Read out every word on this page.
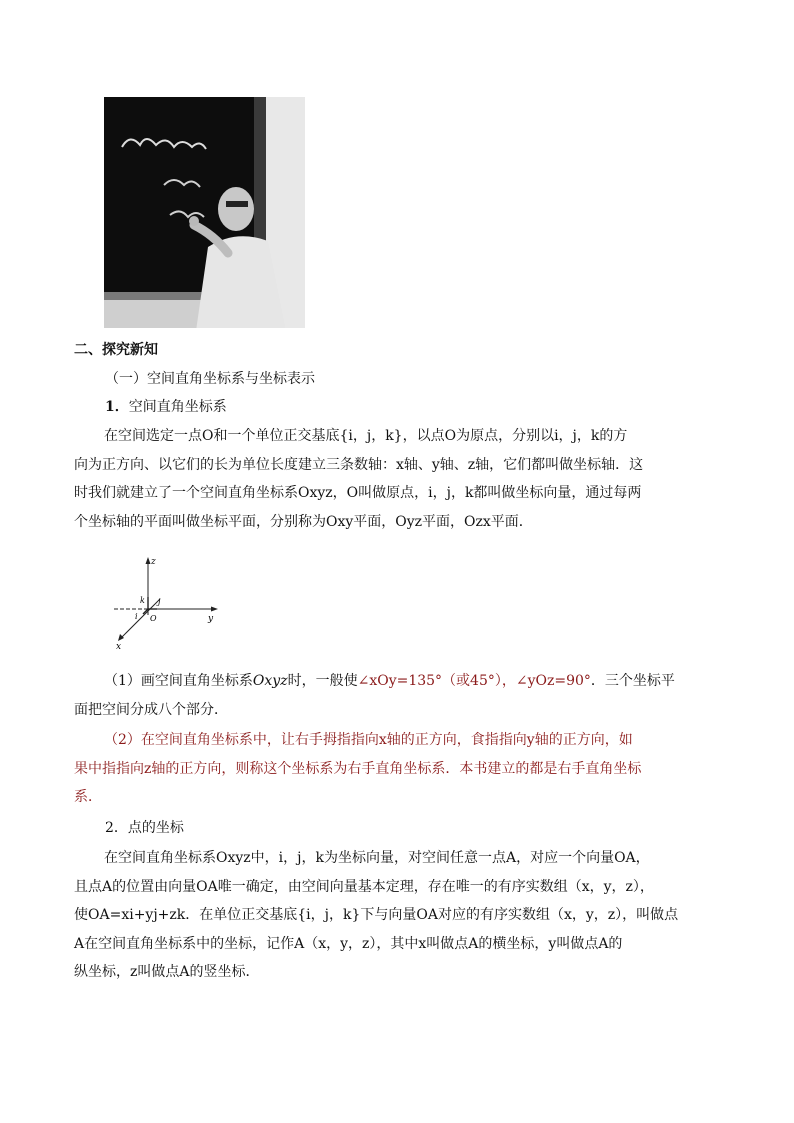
二、探究新知
（一）空间直角坐标系与坐标表示
1．空间直角坐标系
在空间选定一点O和一个单位正交基底{i，j，k}，以点O为原点，分别以i，j，k的方
向为正方向、以它们的长为单位长度建立三条数轴：x轴、y轴、z轴，它们都叫做坐标轴．这
时我们就建立了一个空间直角坐标系Oxyz，O叫做原点，i，j，k都叫做坐标向量，通过每两
个坐标轴的平面叫做坐标平面，分别称为Oxy平面，Oyz平面，Ozx平面．
z
y
x
O
k j
i
（1）画空间直角坐标系Oxyz时，一般使∠xOy=135°（或45°），∠yOz=90°．三个坐标平
面把空间分成八个部分．
（2）在空间直角坐标系中，让右手拇指指向x轴的正方向，食指指向y轴的正方向，如
果中指指向z轴的正方向，则称这个坐标系为右手直角坐标系．本书建立的都是右手直角坐标
系．
2．点的坐标
在空间直角坐标系Oxyz中，i，j，k为坐标向量，对空间任意一点A，对应一个向量OA，
且点A的位置由向量OA唯一确定，由空间向量基本定理，存在唯一的有序实数组（x，y，z），
使OA=xi+yj+zk．在单位正交基底{i，j，k}下与向量OA对应的有序实数组（x，y，z），叫做点
A在空间直角坐标系中的坐标，记作A（x，y，z），其中x叫做点A的横坐标，y叫做点A的
纵坐标，z叫做点A的竖坐标．
